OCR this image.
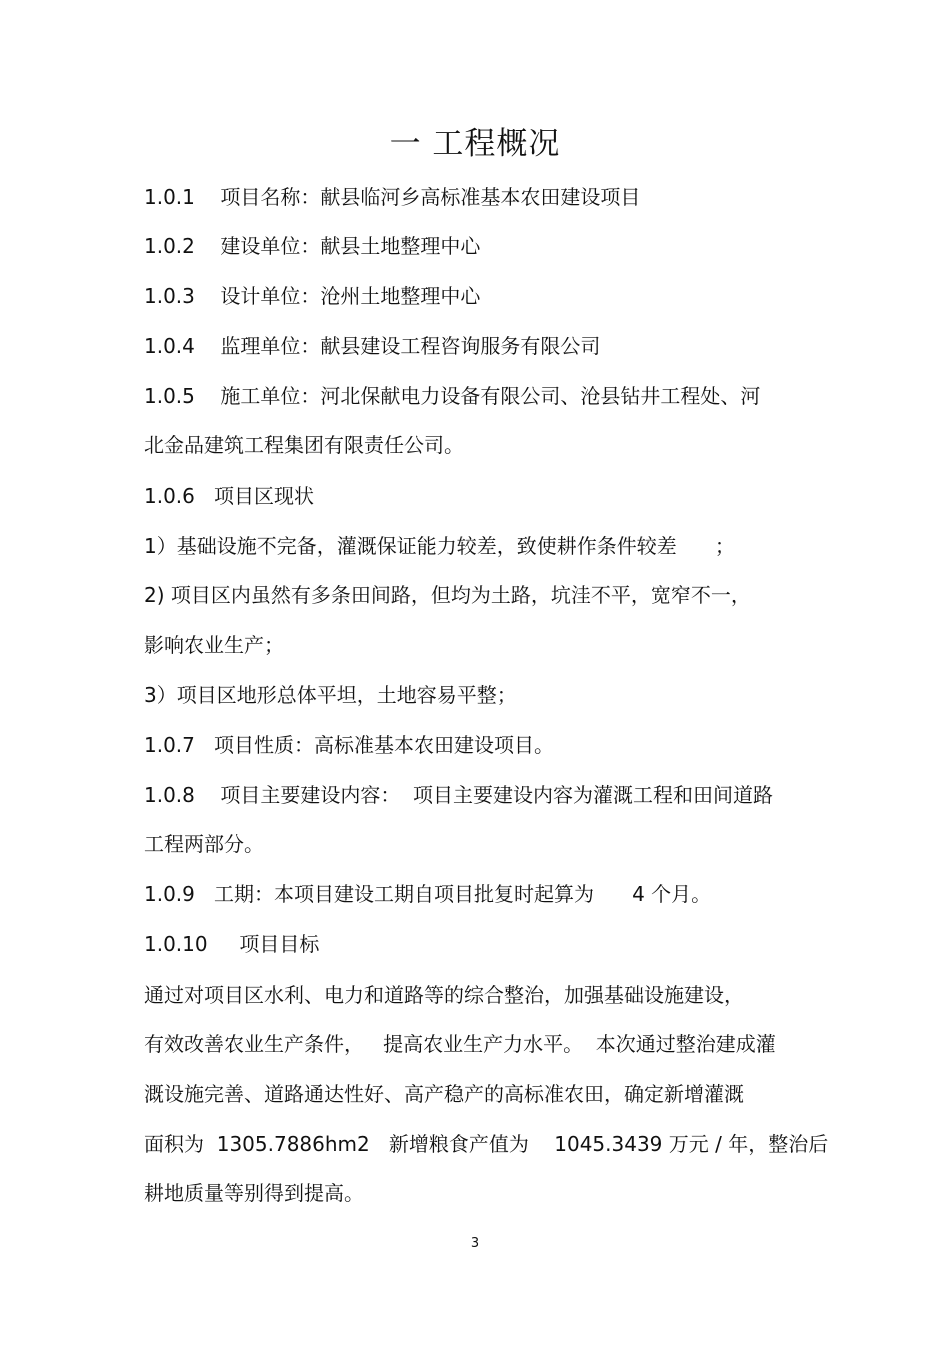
一 工程概况
1.0.1    项目名称：献县临河乡高标准基本农田建设项目
1.0.2    建设单位：献县土地整理中心
1.0.3    设计单位：沧州土地整理中心
1.0.4    监理单位：献县建设工程咨询服务有限公司
1.0.5    施工单位：河北保献电力设备有限公司、沧县钻井工程处、河
北金品建筑工程集团有限责任公司。
1.0.6   项目区现状
1）基础设施不完备，灌溉保证能力较差，致使耕作条件较差      ；
2) 项目区内虽然有多条田间路，但均为土路，坑洼不平，宽窄不一，
影响农业生产；
3）项目区地形总体平坦，土地容易平整；
1.0.7   项目性质：高标准基本农田建设项目。
1.0.8    项目主要建设内容：  项目主要建设内容为灌溉工程和田间道路
工程两部分。
1.0.9   工期：本项目建设工期自项目批复时起算为      4 个月。
1.0.10     项目目标
通过对项目区水利、电力和道路等的综合整治，加强基础设施建设，
有效改善农业生产条件，   提高农业生产力水平。  本次通过整治建成灌
溉设施完善、道路通达性好、高产稳产的高标准农田，确定新增灌溉
面积为  1305.7886hm2   新增粮食产值为    1045.3439 万元 / 年，整治后
耕地质量等别得到提高。
3
